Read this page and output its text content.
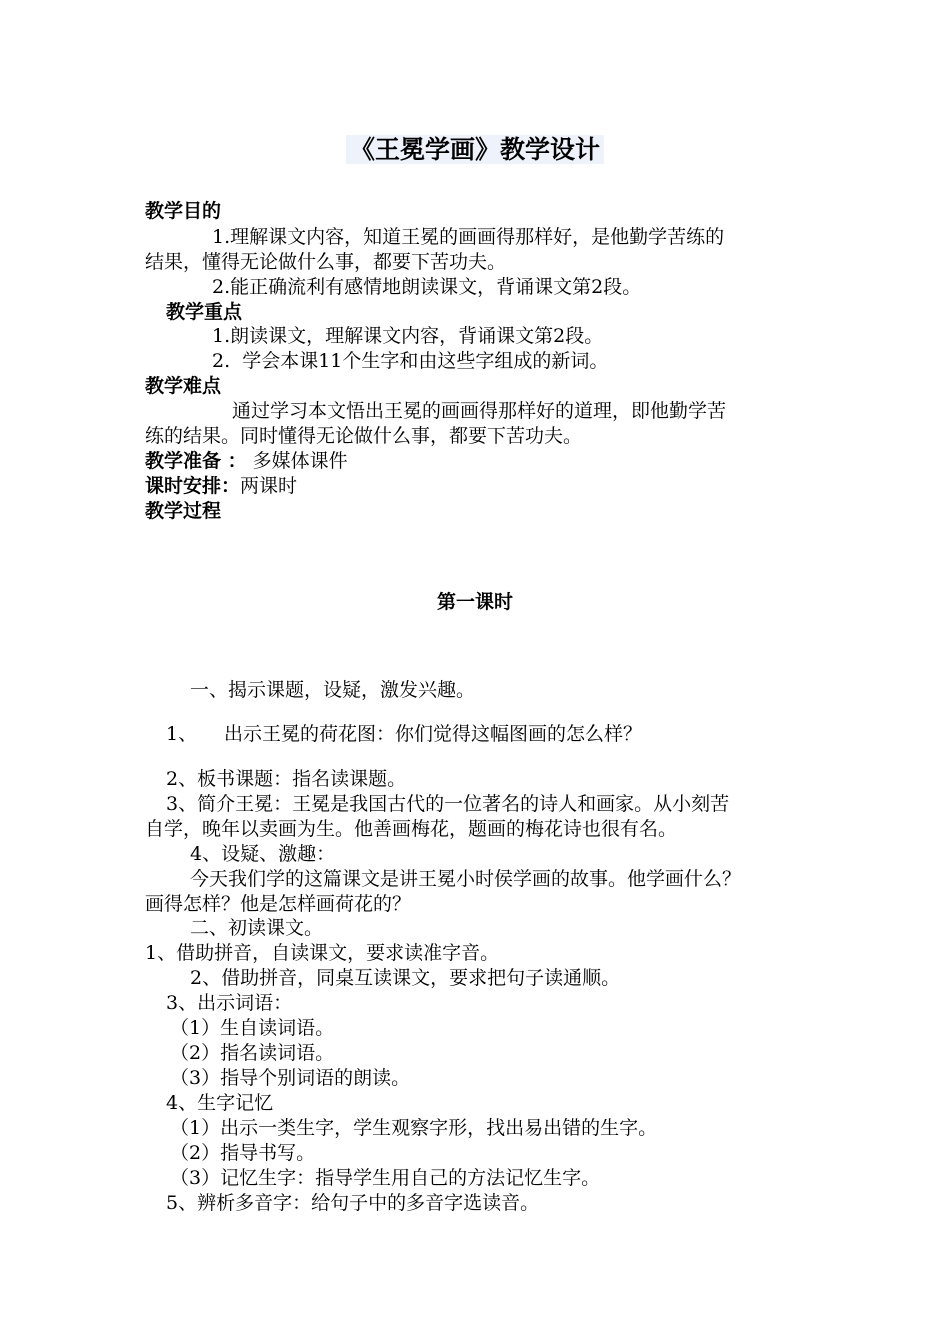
《王冕学画》教学设计
教学目的
1.理解课文内容，知道王冕的画画得那样好，是他勤学苦练的
结果，懂得无论做什么事，都要下苦功夫。
2.能正确流利有感情地朗读课文，背诵课文第2段。
教学重点
1.朗读课文，理解课文内容，背诵课文第2段。
2.  学会本课11个生字和由这些字组成的新词。
教学难点
通过学习本文悟出王冕的画画得那样好的道理，即他勤学苦
练的结果。同时懂得无论做什么事，都要下苦功夫。
教学准备 ： 多媒体课件
课时安排：两课时
教学过程
第一课时
一、揭示课题，设疑，激发兴趣。
1、	出示王冕的荷花图：你们觉得这幅图画的怎么样？
2、板书课题：指名读课题。
3、简介王冕：王冕是我国古代的一位著名的诗人和画家。从小刻苦
自学，晚年以卖画为生。他善画梅花，题画的梅花诗也很有名。
4、设疑、激趣：
今天我们学的这篇课文是讲王冕小时侯学画的故事。他学画什么？
画得怎样？他是怎样画荷花的？
二、初读课文。
1、借助拼音，自读课文，要求读准字音。
2、借助拼音，同桌互读课文，要求把句子读通顺。
3、出示词语：
（1）生自读词语。
（2）指名读词语。
（3）指导个别词语的朗读。
4、生字记忆
（1）出示一类生字，学生观察字形，找出易出错的生字。
（2）指导书写。
（3）记忆生字：指导学生用自己的方法记忆生字。
5、辨析多音字：给句子中的多音字选读音。
